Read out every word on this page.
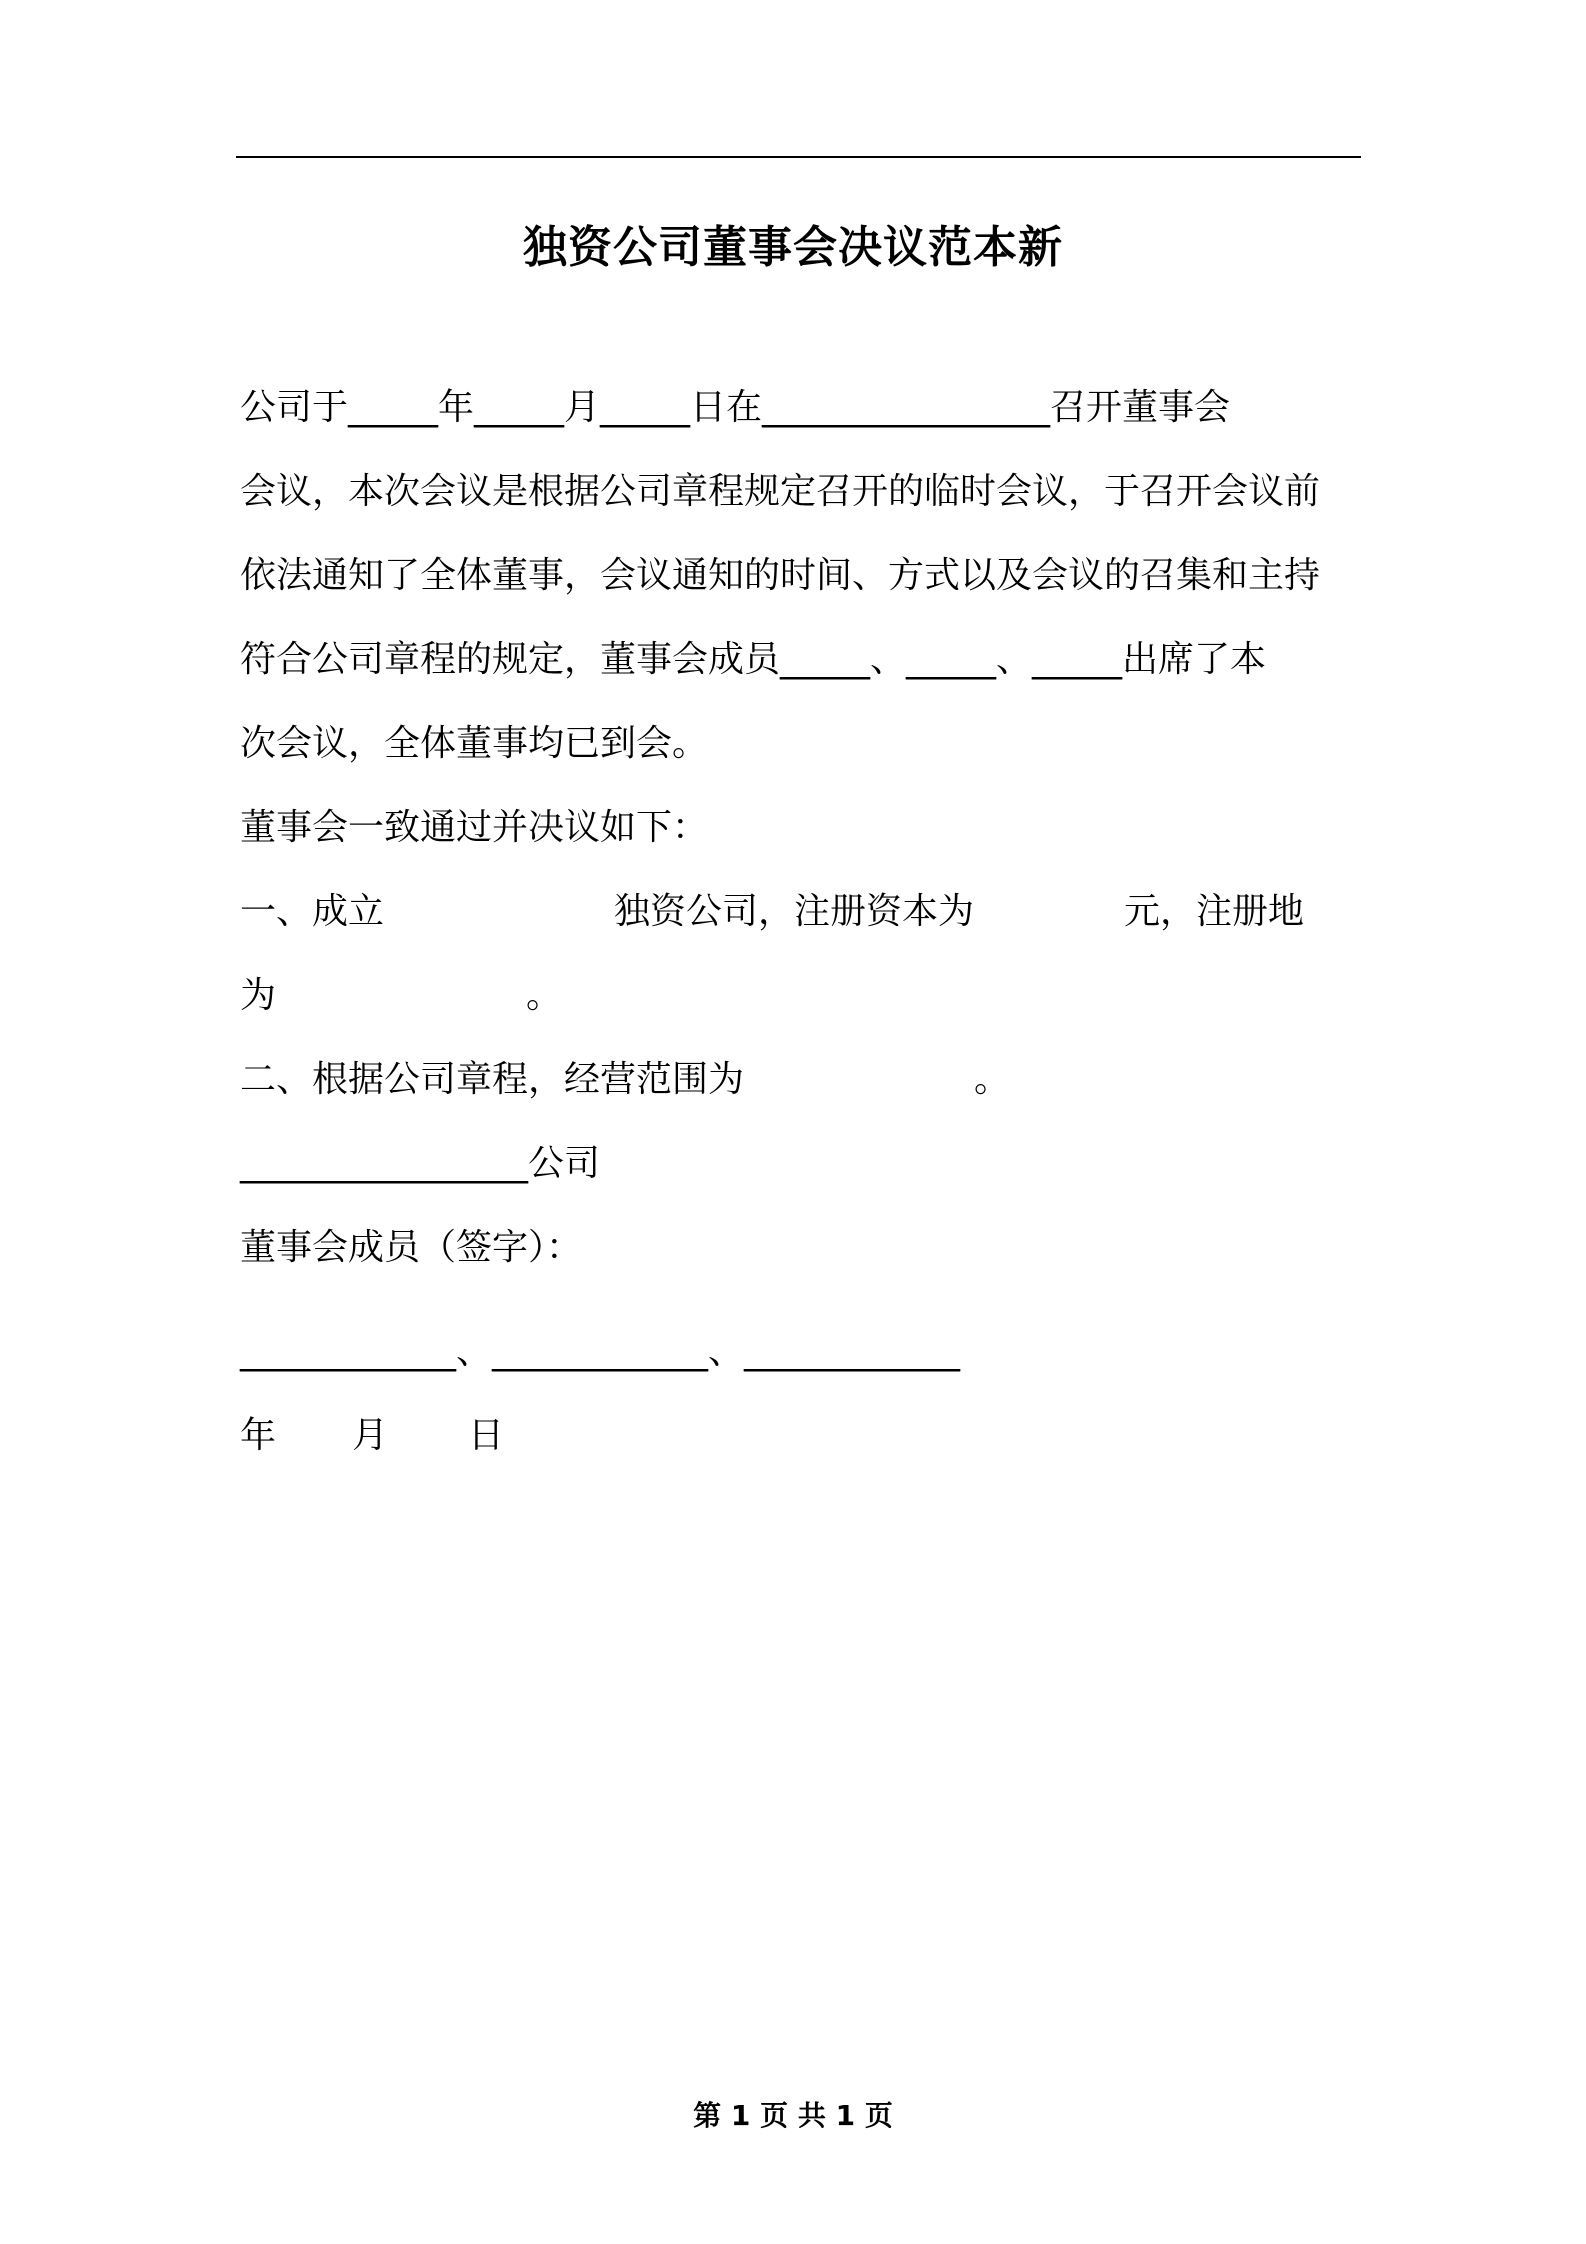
独资公司董事会决议范本新
公司于_____年_____月_____日在________________召开董事会
会议，本次会议是根据公司章程规定召开的临时会议，于召开会议前
依法通知了全体董事，会议通知的时间、方式以及会议的召集和主持
符合公司章程的规定，董事会成员_____、_____、_____出席了本
次会议，全体董事均已到会。
董事会一致通过并决议如下：
一、成立	独资公司，注册资本为	元，注册地
为	。
二、根据公司章程，经营范围为	。
________________公司
董事会成员（签字）：
____________、____________、____________
年 月 日
第 1 页 共 1 页
